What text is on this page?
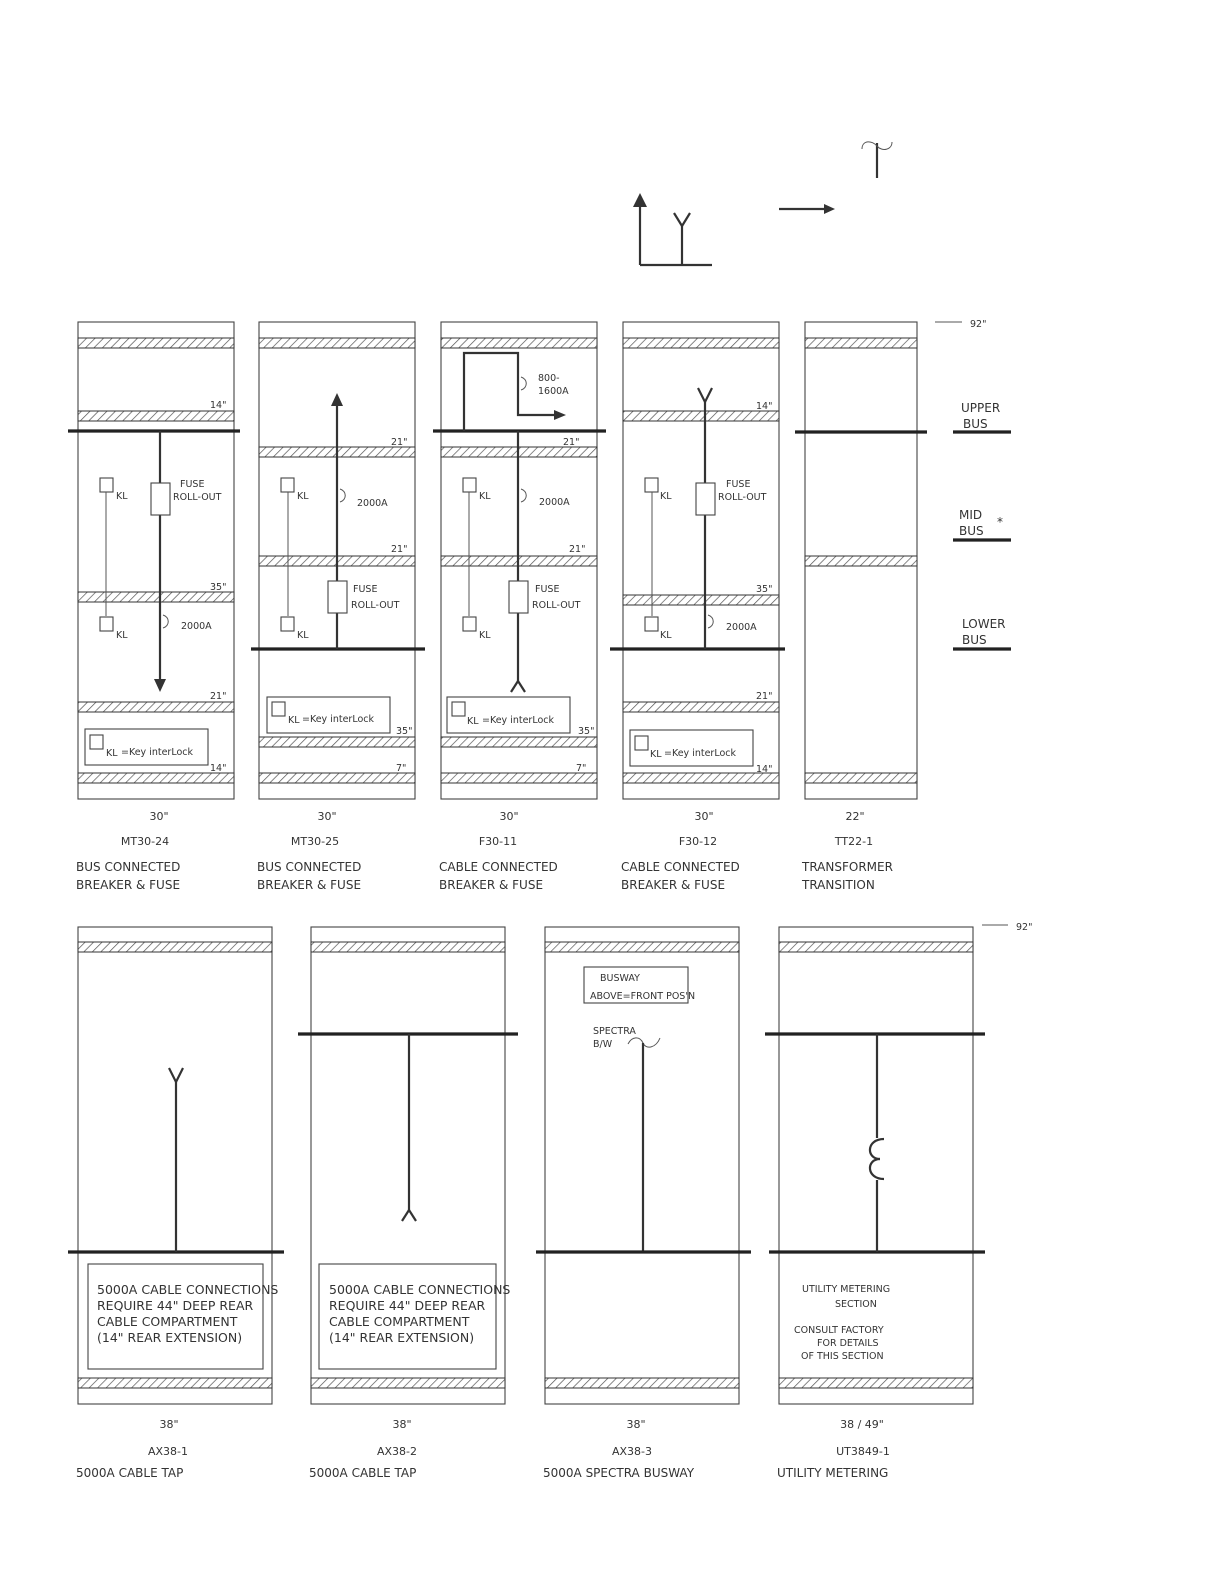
92"
UPPER
BUS
MID
BUS
*
LOWER
BUS
14"
35"
21"
14"
FUSE
ROLL-OUT
2000A
KL
KL
KL =Key interLock
30"
MT30-24
BUS CONNECTED
BREAKER & FUSE
21"
21"
35"
7"
2000A
FUSE
ROLL-OUT
KL
KL
KL =Key interLock
30"
MT30-25
BUS CONNECTED
BREAKER & FUSE
21"
21"
35"
7"
800-
1600A
2000A
FUSE
ROLL-OUT
KL
KL
KL =Key interLock
30"
F30-11
CABLE CONNECTED
BREAKER & FUSE
14"
35"
21"
14"
FUSE
ROLL-OUT
2000A
KL
KL
KL =Key interLock
30"
F30-12
CABLE CONNECTED
BREAKER & FUSE
22"
TT22-1
TRANSFORMER
TRANSITION
92"
5000A CABLE CONNECTIONS
REQUIRE 44" DEEP REAR
CABLE COMPARTMENT
(14" REAR EXTENSION)
38"
AX38-1
5000A CABLE TAP
5000A CABLE CONNECTIONS
REQUIRE 44" DEEP REAR
CABLE COMPARTMENT
(14" REAR EXTENSION)
38"
AX38-2
5000A CABLE TAP
BUSWAY
ABOVE=FRONT POS'N
SPECTRA
B/W
38"
AX38-3
5000A SPECTRA BUSWAY
UTILITY METERING
SECTION
CONSULT FACTORY
FOR DETAILS
OF THIS SECTION
38 / 49"
UT3849-1
UTILITY METERING
